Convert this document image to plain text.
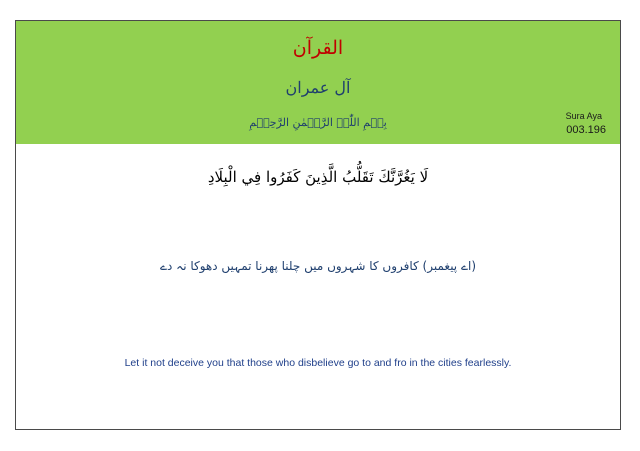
القرآن
آل عمران
بِسۡمِ اللّٰہِ الرَّحۡمٰنِ الرَّحِیۡمِ	Sura Aya
003.196
لَا يَغُرَّنَّكَ تَقَلُّبُ الَّذِينَ كَفَرُوا فِي الْبِلَادِ
(اے پیغمبر) کافروں کا شہروں میں چلنا پھرنا تمہیں دھوکا نہ دے
Let it not deceive you that those who disbelieve go to and fro in the cities fearlessly.
